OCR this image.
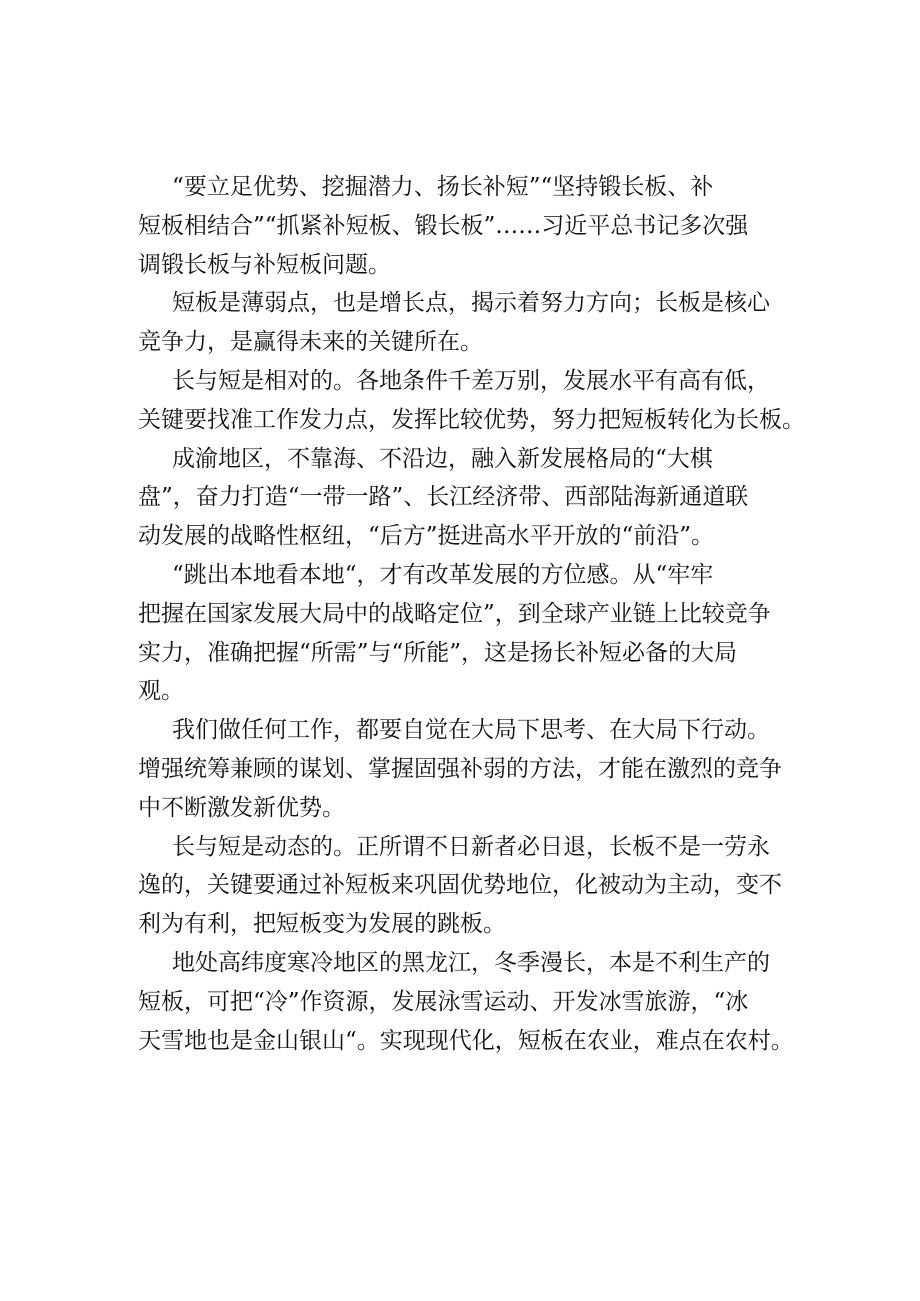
“要立足优势、挖掘潜力、扬长补短”“坚持锻长板、补
短板相结合”“抓紧补短板、锻长板”……习近平总书记多次强
调锻长板与补短板问题。

短板是薄弱点，也是增长点，揭示着努力方向；长板是核心
竞争力，是赢得未来的关键所在。

长与短是相对的。各地条件千差万别，发展水平有高有低，
关键要找准工作发力点，发挥比较优势，努力把短板转化为长板。

成渝地区，不靠海、不沿边，融入新发展格局的“大棋
盘”，奋力打造“一带一路”、长江经济带、西部陆海新通道联
动发展的战略性枢纽，“后方”挺进高水平开放的“前沿”。

“跳出本地看本地“，才有改革发展的方位感。从“牢牢
把握在国家发展大局中的战略定位”，到全球产业链上比较竞争
实力，准确把握“所需”与“所能”，这是扬长补短必备的大局
观。

我们做任何工作，都要自觉在大局下思考、在大局下行动。
增强统筹兼顾的谋划、掌握固强补弱的方法，才能在激烈的竞争
中不断激发新优势。

长与短是动态的。正所谓不日新者必日退，长板不是一劳永
逸的，关键要通过补短板来巩固优势地位，化被动为主动，变不
利为有利，把短板变为发展的跳板。

地处高纬度寒冷地区的黑龙江，冬季漫长，本是不利生产的
短板，可把“冷”作资源，发展泳雪运动、开发冰雪旅游，“冰
天雪地也是金山银山“。实现现代化，短板在农业，难点在农村。
